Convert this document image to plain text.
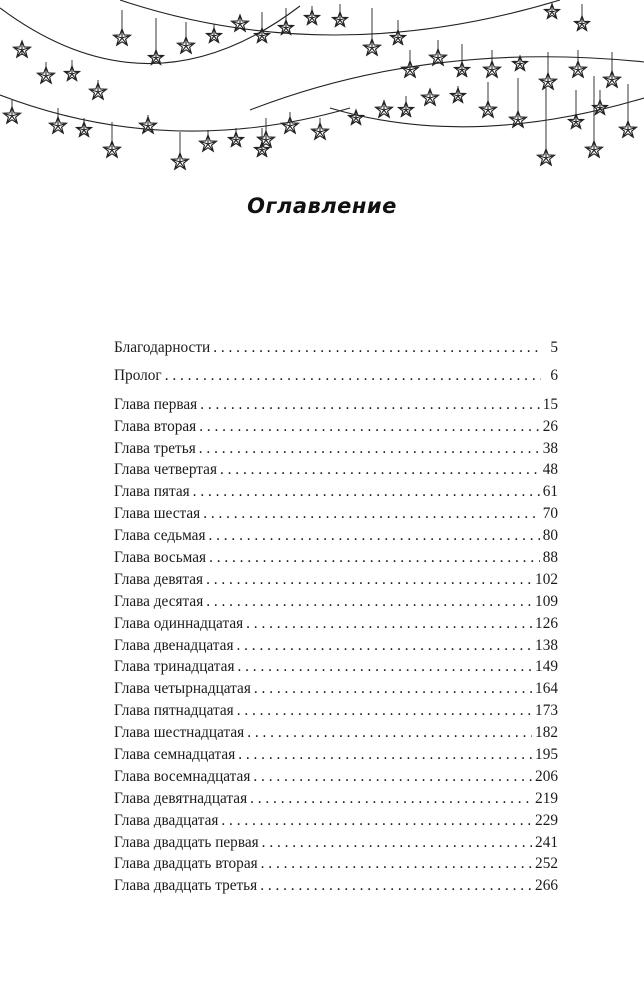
Оглавление
Благодарности . . .	5
Пролог . . .	6
Глава первая . . .	15
Глава вторая . . .	26
Глава третья . . .	38
Глава четвертая . . .	48
Глава пятая . . .	61
Глава шестая . . .	70
Глава седьмая . . .	80
Глава восьмая . . .	88
Глава девятая . . .	102
Глава десятая . . .	109
Глава одиннадцатая . . .	126
Глава двенадцатая . . .	138
Глава тринадцатая . . .	149
Глава четырнадцатая . . .	164
Глава пятнадцатая . . .	173
Глава шестнадцатая . . .	182
Глава семнадцатая . . .	195
Глава восемнадцатая . . .	206
Глава девятнадцатая . . .	219
Глава двадцатая . . .	229
Глава двадцать первая . . .	241
Глава двадцать вторая . . .	252
Глава двадцать третья . . .	266
